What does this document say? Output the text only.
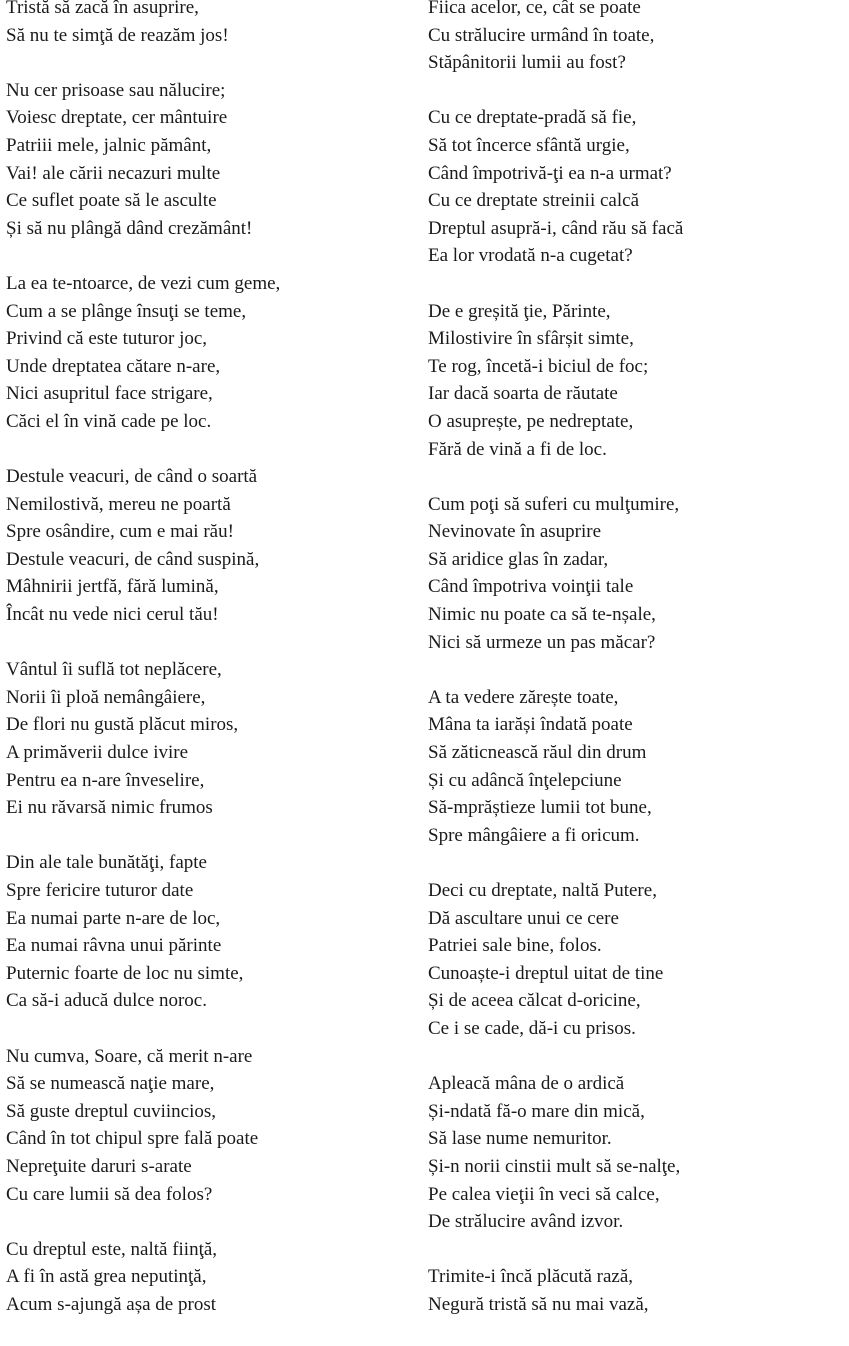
Tristă să zacă în asuprire,
Să nu te simţă de reazăm jos!
Nu cer prisoase sau nălucire;
Voiesc dreptate, cer mântuire
Patriii mele, jalnic pământ,
Vai! ale cării necazuri multe
Ce suflet poate să le asculte
Și să nu plângă dând crezământ!
La ea te-ntoarce, de vezi cum geme,
Cum a se plânge însuţi se teme,
Privind că este tuturor joc,
Unde dreptatea cătare n-are,
Nici asupritul face strigare,
Căci el în vină cade pe loc.
Destule veacuri, de când o soartă
Nemilostivă, mereu ne poartă
Spre osândire, cum e mai rău!
Destule veacuri, de când suspină,
Mâhnirii jertfă, fără lumină,
Încât nu vede nici cerul tău!
Vântul îi suflă tot neplăcere,
Norii îi ploă nemângâiere,
De flori nu gustă plăcut miros,
A primăverii dulce ivire
Pentru ea n-are înveselire,
Ei nu răvarsă nimic frumos
Din ale tale bunătăţi, fapte
Spre fericire tuturor date
Ea numai parte n-are de loc,
Ea numai râvna unui părinte
Puternic foarte de loc nu simte,
Ca să-i aducă dulce noroc.
Nu cumva, Soare, că merit n-are
Să se numească naţie mare,
Să guste dreptul cuviincios,
Când în tot chipul spre fală poate
Nepreţuite daruri s-arate
Cu care lumii să dea folos?
Cu dreptul este, naltă fiinţă,
A fi în astă grea neputinţă,
Acum s-ajungă așa de prost
Fiica acelor, ce, cât se poate
Cu strălucire urmând în toate,
Stăpânitorii lumii au fost?
Cu ce dreptate-pradă să fie,
Să tot încerce sfântă urgie,
Când împotrivă-ţi ea n-a urmat?
Cu ce dreptate streinii calcă
Dreptul asupră-i, când rău să facă
Ea lor vrodată n-a cugetat?
De e greșită ţie, Părinte,
Milostivire în sfârșit simte,
Te rog, încetă-i biciul de foc;
Iar dacă soarta de răutate
O asuprește, pe nedreptate,
Fără de vină a fi de loc.
Cum poţi să suferi cu mulţumire,
Nevinovate în asuprire
Să aridice glas în zadar,
Când împotriva voinţii tale
Nimic nu poate ca să te-nșale,
Nici să urmeze un pas măcar?
A ta vedere zărește toate,
Mâna ta iarăși îndată poate
Să zăticnească răul din drum
Și cu adâncă înţelepciune
Să-mprăștieze lumii tot bune,
Spre mângâiere a fi oricum.
Deci cu dreptate, naltă Putere,
Dă ascultare unui ce cere
Patriei sale bine, folos.
Cunoaște-i dreptul uitat de tine
Și de aceea călcat d-oricine,
Ce i se cade, dă-i cu prisos.
Apleacă mâna de o ardică
Și-ndată fă-o mare din mică,
Să lase nume nemuritor.
Și-n norii cinstii mult să se-nalţe,
Pe calea vieţii în veci să calce,
De strălucire având izvor.
Trimite-i încă plăcută rază,
Negură tristă să nu mai vază,
